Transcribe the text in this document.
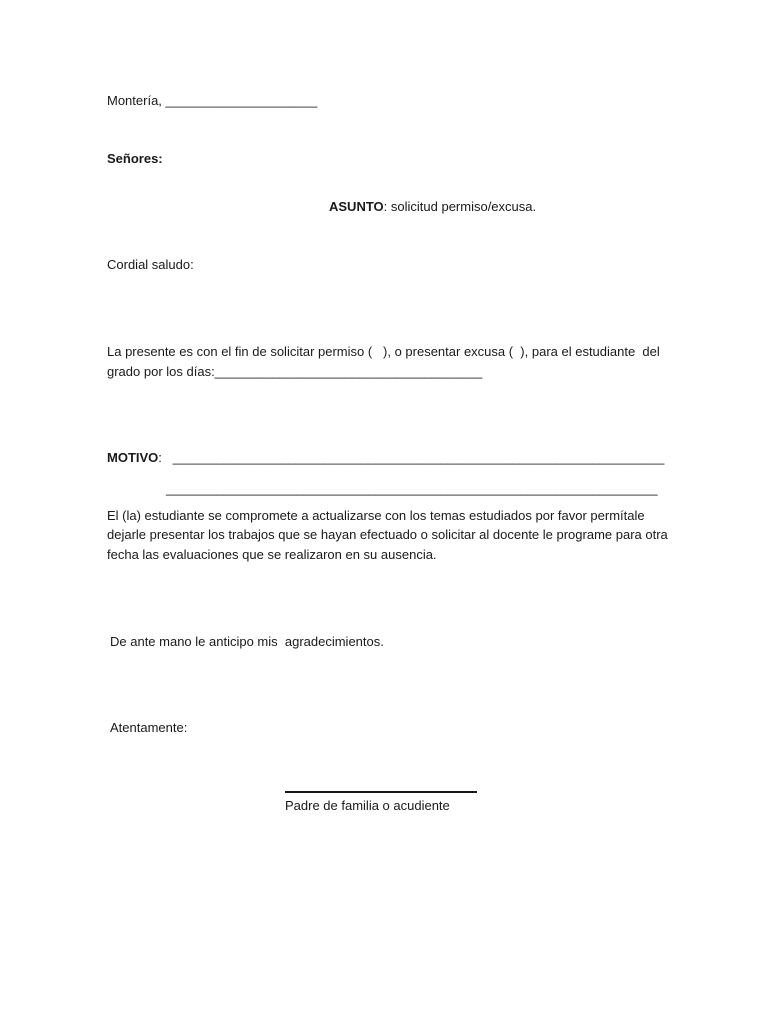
Montería, _____________________
Señores:
ASUNTO: solicitud permiso/excusa.
Cordial saludo:
La presente es con el fin de solicitar permiso (   ), o presentar excusa (  ), para el estudiante  del
grado por los días:_____________________________________
MOTIVO:   ____________________________________________________________________
____________________________________________________________________
El (la) estudiante se compromete a actualizarse con los temas estudiados por favor permítale
dejarle presentar los trabajos que se hayan efectuado o solicitar al docente le programe para otra
fecha las evaluaciones que se realizaron en su ausencia.
De ante mano le anticipo mis  agradecimientos.
Atentamente:
Padre de familia o acudiente
